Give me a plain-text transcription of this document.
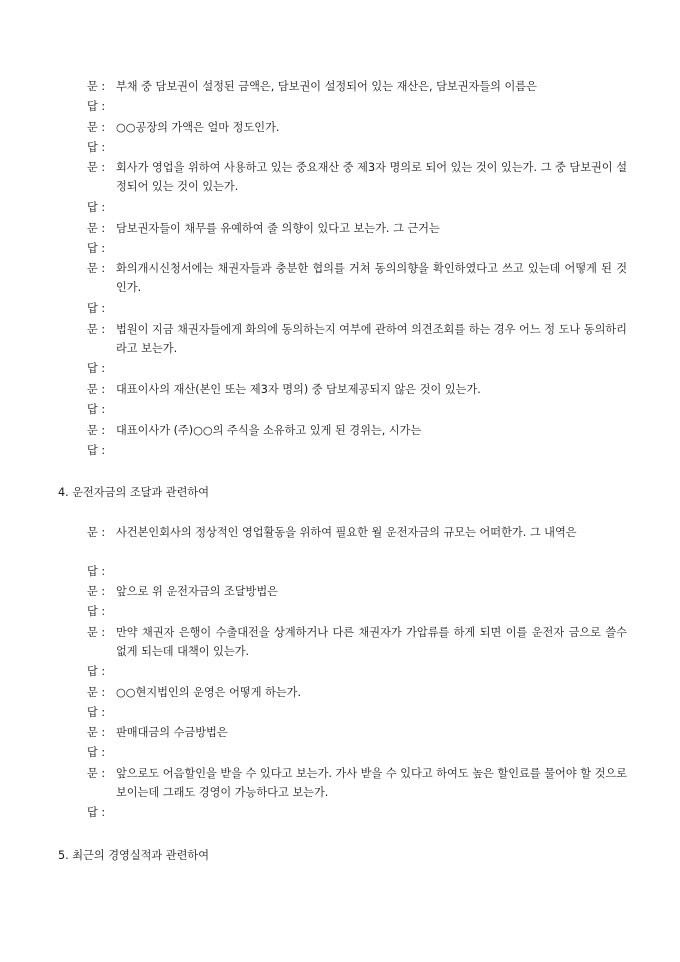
문 : 부채 중 담보권이 설정된 금액은, 담보권이 설정되어 있는 재산은, 담보권자들의 이름은
답 :
문 : ○○공장의 가액은 얼마 정도인가.
답 :
문 : 회사가 영업을 위하여 사용하고 있는 중요재산 중 제3자 명의로 되어 있는 것이 있는가. 그 중 담보권이 설정되어 있는 것이 있는가.
답 :
문 : 담보권자들이 채무를 유예하여 줄 의향이 있다고 보는가. 그 근거는
답 :
문 : 화의개시신청서에는 채권자들과 충분한 협의를 거쳐 동의의향을 확인하였다고 쓰고 있는데 어떻게 된 것인가.
답 :
문 : 법원이 지금 채권자들에게 화의에 동의하는지 여부에 관하여 의견조회를 하는 경우 어느 정 도나 동의하리라고 보는가.
답 :
문 : 대표이사의 재산(본인 또는 제3자 명의) 중 담보제공되지 않은 것이 있는가.
답 :
문 : 대표이사가 (주)○○의 주식을 소유하고 있게 된 경위는, 시가는
답 :
4. 운전자금의 조달과 관련하여
문 : 사건본인회사의 정상적인 영업활동을 위하여 필요한 월 운전자금의 규모는 어떠한가. 그 내역은
답 :
문 : 앞으로 위 운전자금의 조달방법은
답 :
문 : 만약 채권자 은행이 수출대전을 상계하거나 다른 채권자가 가압류를 하게 되면 이를 운전자 금으로 쓸수 없게 되는데 대책이 있는가.
답 :
문 : ○○현지법인의 운영은 어떻게 하는가.
답 :
문 : 판매대금의 수금방법은
답 :
문 : 앞으로도 어음할인을 받을 수 있다고 보는가. 가사 받을 수 있다고 하여도 높은 할인료를 물어야 할 것으로 보이는데 그래도 경영이 가능하다고 보는가.
답 :
5. 최근의 경영실적과 관련하여
